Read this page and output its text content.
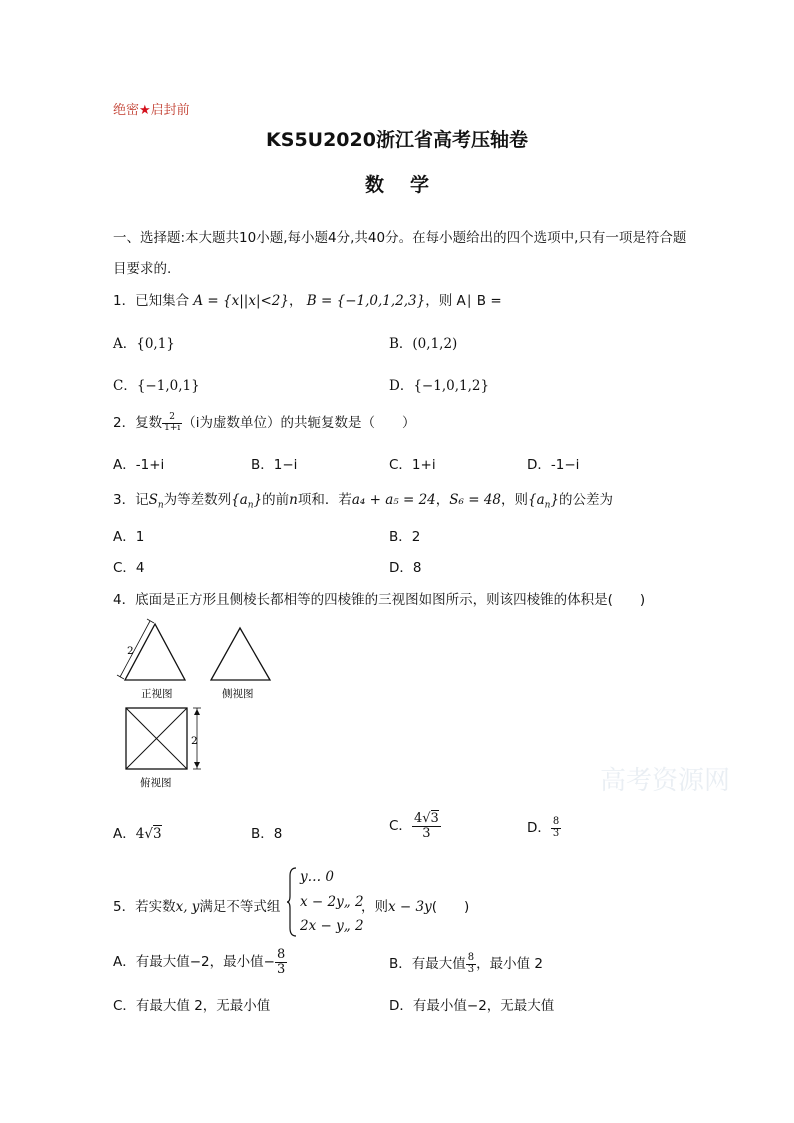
绝密★启封前
KS5U2020浙江省高考压轴卷
数学
一、选择题:本大题共10小题,每小题4分,共40分。在每小题给出的四个选项中,只有一项是符合题目要求的.
1．已知集合 A = {x||x|<2}， B = {−1,0,1,2,3}，则 A∣ B =
A．{0,1}	B．(0,1,2)
C．{−1,0,1}	D．{−1,0,1,2}
2．复数 $\frac{2}{1+i} (i$为虚数单位）的共轭复数是（　　）
A．-1+i	B．1−i	C．1+i	D．-1−i
3．记$S_n$为等差数列$\{a_n\}$的前n项和．若a₄ + a₅ = 24，S₆ = 48，则$\{a_n\}$的公差为
A．1	B．2
C．4	D．8
4．底面是正方形且侧棱长都相等的四棱锥的三视图如图所示，则该四棱锥的体积是(　　)
2
正视图	侧视图
2
俯视图	高考资源网
A．4√3	B．8	C． $\frac{4√3}{3}$	D． $\frac{8}{3}$
5．若实数x, y满足不等式组
y… 0
x − 2y„ 2
2x − y„ 2
，则x − 3y(　　)
A．有最大值−2，最小值− $\frac{8}{3}$	B．有最大值 $\frac{8}{3}$ ，最小值 2
C．有最大值 2，无最小值	D．有最小值−2，无最大值
